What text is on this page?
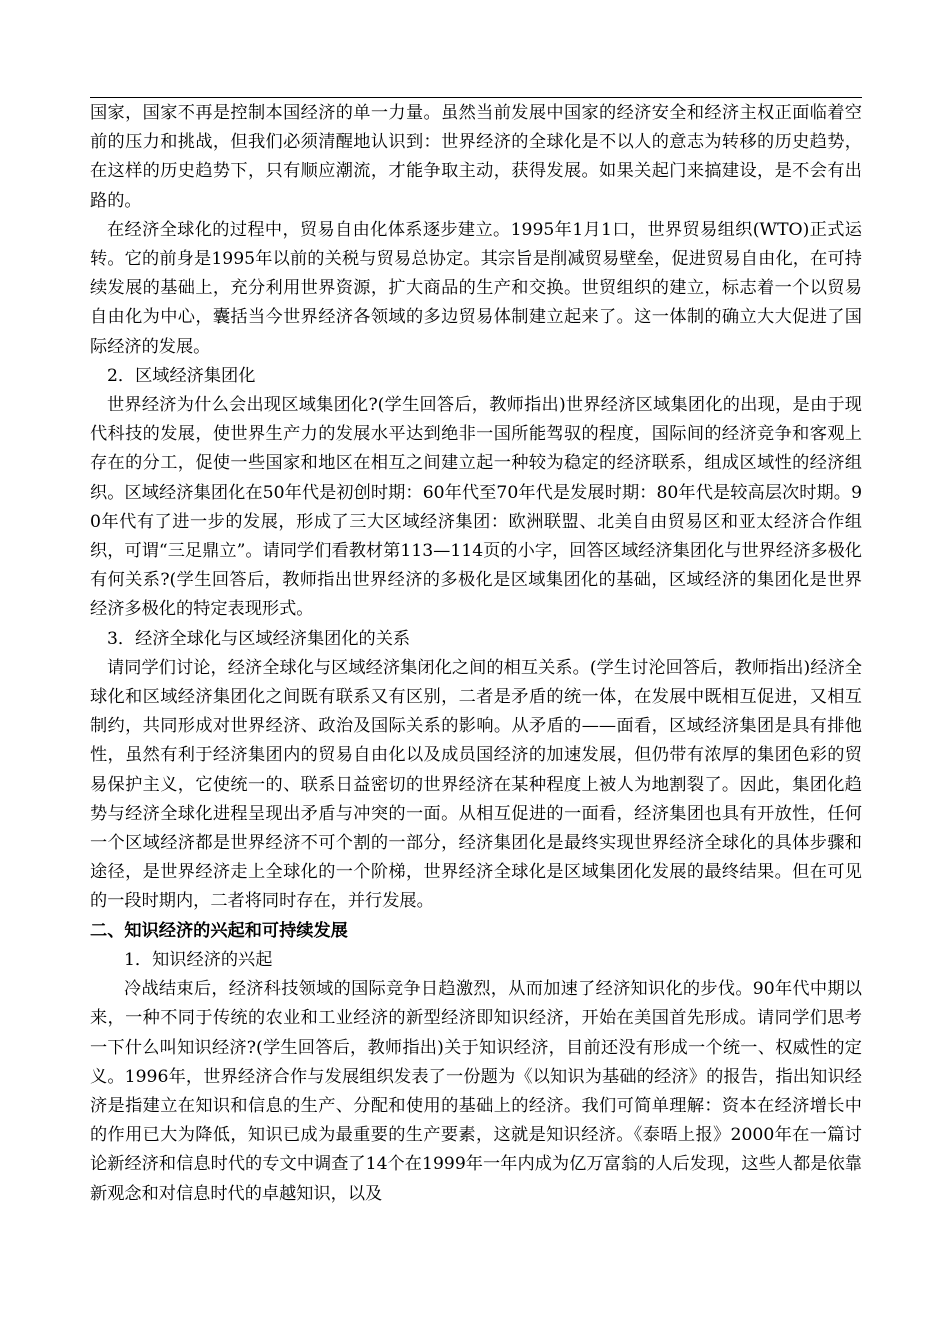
国家，国家不再是控制本国经济的单一力量。虽然当前发展中国家的经济安全和经济主权正面临着空前的压力和挑战，但我们必须清醒地认识到：世界经济的全球化是不以人的意志为转移的历史趋势，在这样的历史趋势下，只有顺应潮流，才能争取主动，获得发展。如果关起门来搞建设，是不会有出路的。

在经济全球化的过程中，贸易自由化体系逐步建立。1995年1月1口，世界贸易组织(WTO)正式运转。它的前身是1995年以前的关税与贸易总协定。其宗旨是削减贸易壁垒，促进贸易自由化，在可持续发展的基础上，充分利用世界资源，扩大商品的生产和交换。世贸组织的建立，标志着一个以贸易自由化为中心，囊括当今世界经济各领域的多边贸易体制建立起来了。这一体制的确立大大促进了国际经济的发展。

2．区域经济集团化

世界经济为什么会出现区域集团化?(学生回答后，教师指出)世界经济区域集团化的出现，是由于现代科技的发展，使世界生产力的发展水平达到绝非一国所能驾驭的程度，国际间的经济竞争和客观上存在的分工，促使一些国家和地区在相互之间建立起一种较为稳定的经济联系，组成区域性的经济组织。区域经济集团化在50年代是初创时期：60年代至70年代是发展时期：80年代是较高层次时期。90年代有了进一步的发展，形成了三大区域经济集团：欧洲联盟、北美自由贸易区和亚太经济合作组织，可谓“三足鼎立”。请同学们看教材第113—114页的小字，回答区域经济集团化与世界经济多极化有何关系?(学生回答后，教师指出世界经济的多极化是区域集团化的基础，区域经济的集团化是世界经济多极化的特定表现形式。

3．经济全球化与区域经济集团化的关系

请同学们讨论，经济全球化与区域经济集闭化之间的相互关系。(学生讨沦回答后，教师指出)经济全球化和区域经济集团化之间既有联系又有区别，二者是矛盾的统一体，在发展中既相互促进，又相互制约，共同形成对世界经济、政治及国际关系的影响。从矛盾的——面看，区域经济集团是具有排他性，虽然有利于经济集团内的贸易自由化以及成员国经济的加速发展，但仍带有浓厚的集团色彩的贸易保护主义，它使统一的、联系日益密切的世界经济在某种程度上被人为地割裂了。因此，集团化趋势与经济全球化进程呈现出矛盾与冲突的一面。从相互促进的一面看，经济集团也具有开放性，任何一个区域经济都是世界经济不可个割的一部分，经济集团化是最终实现世界经济全球化的具体步骤和途径，是世界经济走上全球化的一个阶梯，世界经济全球化是区域集团化发展的最终结果。但在可见的一段时期内，二者将同时存在，并行发展。

二、知识经济的兴起和可持续发展

1．知识经济的兴起

冷战结束后，经济科技领域的国际竞争日趋激烈，从而加速了经济知识化的步伐。90年代中期以来，一种不同于传统的农业和工业经济的新型经济即知识经济，开始在美国首先形成。请同学们思考一下什么叫知识经济?(学生回答后，教师指出)关于知识经济，目前还没有形成一个统一、权威性的定义。1996年，世界经济合作与发展组织发表了一份题为《以知识为基础的经济》的报告，指出知识经济是指建立在知识和信息的生产、分配和使用的基础上的经济。我们可简单理解：资本在经济增长中的作用已大为降低，知识已成为最重要的生产要素，这就是知识经济。《泰晤上报》2000年在一篇讨论新经济和信息时代的专文中调查了14个在1999年一年内成为亿万富翁的人后发现，这些人都是依靠新观念和对信息时代的卓越知识，以及
